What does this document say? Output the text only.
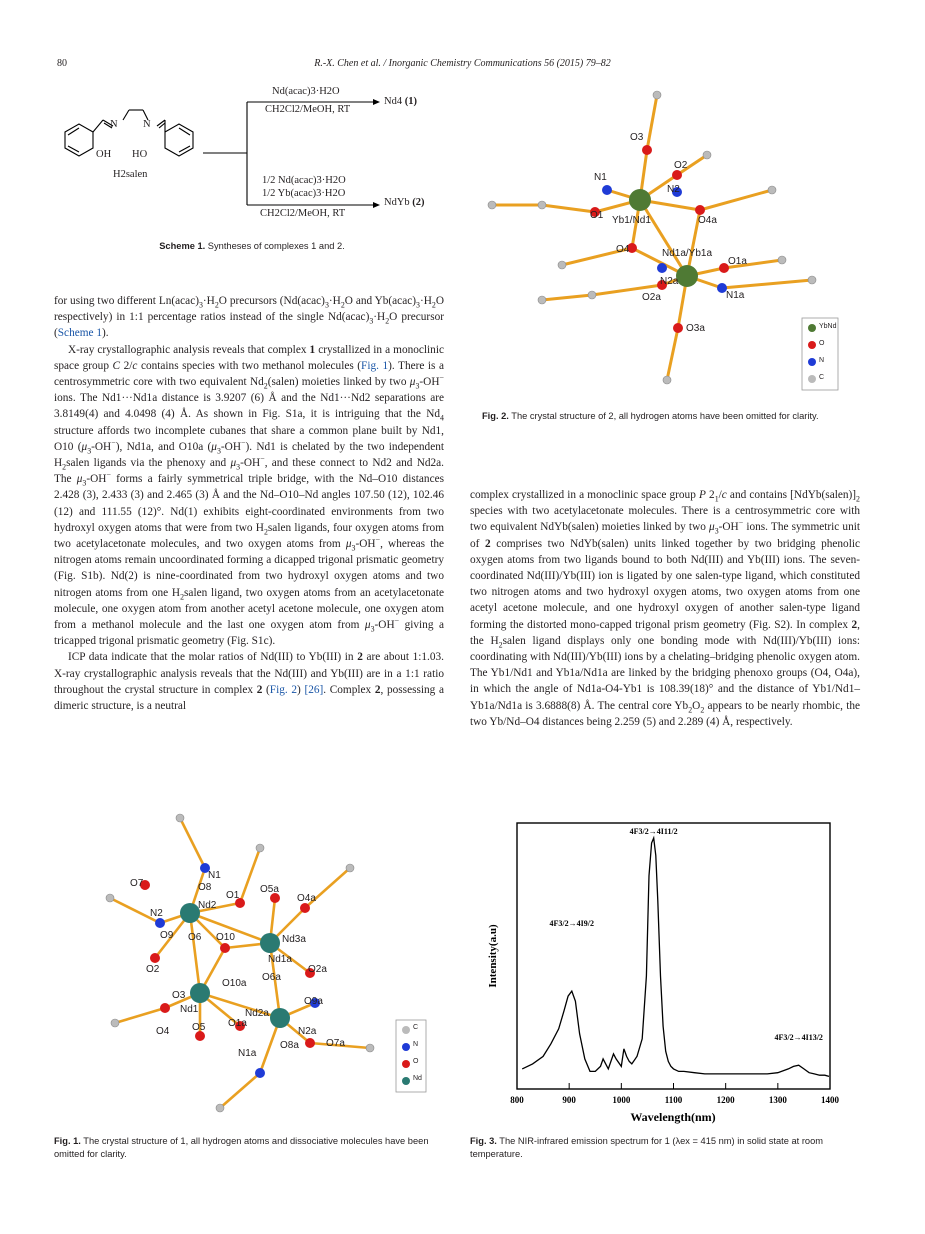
80	R.-X. Chen et al. / Inorganic Chemistry Communications 56 (2015) 79–82
N N
OH HO
H2salen
Nd(acac)3·H2O
CH2Cl2/MeOH, RT
Nd4 (1)
1/2 Nd(acac)3·H2O
1/2 Yb(acac)3·H2O
CH2Cl2/MeOH, RT
NdYb (2)
Scheme 1. Syntheses of complexes 1 and 2.

for using two different $Ln(acac)_3\cdot H_2O$ precursors ($Nd(acac)_3\cdot H_2O$ and $Yb(acac)_3\cdot H_2O$ respectively) in 1:1 percentage ratios instead of the single $Nd(acac)_3\cdot H_2O$ precursor (Scheme 1).

X-ray crystallographic analysis reveals that complex 1 crystallized in a monoclinic space group C 2/c contains species with two methanol molecules (Fig. 1). There is a centrosymmetric core with two equivalent $Nd_2(salen)$ moieties linked by two $\mu_3-OH^-$ ions. The Nd1···Nd1a distance is 3.9207 (6) Å and the Nd1···Nd2 separations are 3.8149(4) and 4.0498 (4) Å. As shown in Fig. S1a, it is intriguing that the $Nd_4$ structure affords two incomplete cubanes that share a common plane built by Nd1, O10 $(\mu_3-OH^-)$, Nd1a, and O10a $(\mu_3-OH^-)$. Nd1 is chelated by the two independent $H_2salen$ ligands via the phenoxy and $\mu_3-OH^-$, and these connect to Nd2 and Nd2a. The $\mu_3-OH^-$ forms a fairly symmetrical triple bridge, with the Nd–O10 distances 2.428 (3), 2.433 (3) and 2.465 (3) Å and the Nd–O10–Nd angles 107.50 (12), 102.46 (12) and 111.55 (12)°. Nd(1) exhibits eight-coordinated environments from two hydroxyl oxygen atoms that were from two $H_2salen$ ligands, four oxygen atoms from two acetylacetonate molecules, and two oxygen atoms from $\mu_3-OH^-$, whereas the nitrogen atoms remain uncoordinated forming a dicapped trigonal prismatic geometry (Fig. S1b). Nd(2) is nine-coordinated from two hydroxyl oxygen atoms and two nitrogen atoms from one $H_2salen$ ligand, two oxygen atoms from an acetylacetonate molecule, one oxygen atom from another acetyl acetone molecule, one oxygen atom from a methanol molecule and the last one oxygen atom from $\mu_3-OH^-$ giving a tricapped trigonal prismatic geometry (Fig. S1c).

ICP data indicate that the molar ratios of Nd(III) to Yb(III) in 2 are about 1:1.03. X-ray crystallographic analysis reveals that the Nd(III) and Yb(III) are in a 1:1 ratio throughout the crystal structure in complex 2 (Fig. 2) [26]. Complex 2, possessing a dimeric structure, is a neutral

O3
O2
N1
N2
O1 Yb1/Nd1	O4a
O4	Nd1a/Yb1a
O1a
N2a
O2a	N1a
O3a	YbNd
O
N
C
Fig. 2. The crystal structure of 2, all hydrogen atoms have been omitted for clarity.

complex crystallized in a monoclinic space group P $2_1/c$ and contains $[NdYb(salen)]_2$ species with two acetylacetonate molecules. There is a centrosymmetric core with two equivalent NdYb(salen) moieties linked by two $\mu_3-OH^-$ ions. The symmetric unit of 2 comprises two NdYb(salen) units linked together by two bridging phenolic oxygen atoms from two ligands bound to both Nd(III) and Yb(III) ions. The seven-coordinated Nd(III)/Yb(III) ion is ligated by one salen-type ligand, which constituted two nitrogen atoms and two hydroxyl oxygen atoms, two oxygen atoms from one acetyl acetone molecule, and one hydroxyl oxygen of another salen-type ligand forming the distorted mono-capped trigonal prism geometry (Fig. S2). In complex 2, the $H_2salen$ ligand displays only one bonding mode with Nd(III)/Yb(III) ions: coordinating with Nd(III)/Yb(III) ions by a chelating–bridging phenolic oxygen atom. The Yb1/Nd1 and Yb1a/Nd1a are linked by the bridging phenoxo groups (O4, O4a), in which the angle of Nd1a-O4-Yb1 is 108.39(18)° and the distance of Yb1/Nd1–Yb1a/Nd1a is 3.6888(8) Å. The central core $Yb_2O_2$ appears to be nearly rhombic, the two Yb/Nd–O4 distances being 2.259 (5) and 2.289 (4) Å, respectively.

O7
N1
O8
N2
Nd2
O1
O5a
O4a
O9	O10
O6
Nd1a
Nd3a
O2
O10a
O6a
O2a
O3
Nd1	Nd2a
O9a
O4 O5 O1a
N2a
N1a
O8a	O7a
C
N
O
Nd
Fig. 1. The crystal structure of 1, all hydrogen atoms and dissociative molecules have been omitted for clarity.
800	900	1000	1100	1200	1300	1400
Wavelength(nm)
Intensity(a.u)
4F3/2→4I11/2
4F3/2→4I9/2
4F3/2→4I13/2
Fig. 3. The NIR-infrared emission spectrum for 1 (λex = 415 nm) in solid state at room temperature.
